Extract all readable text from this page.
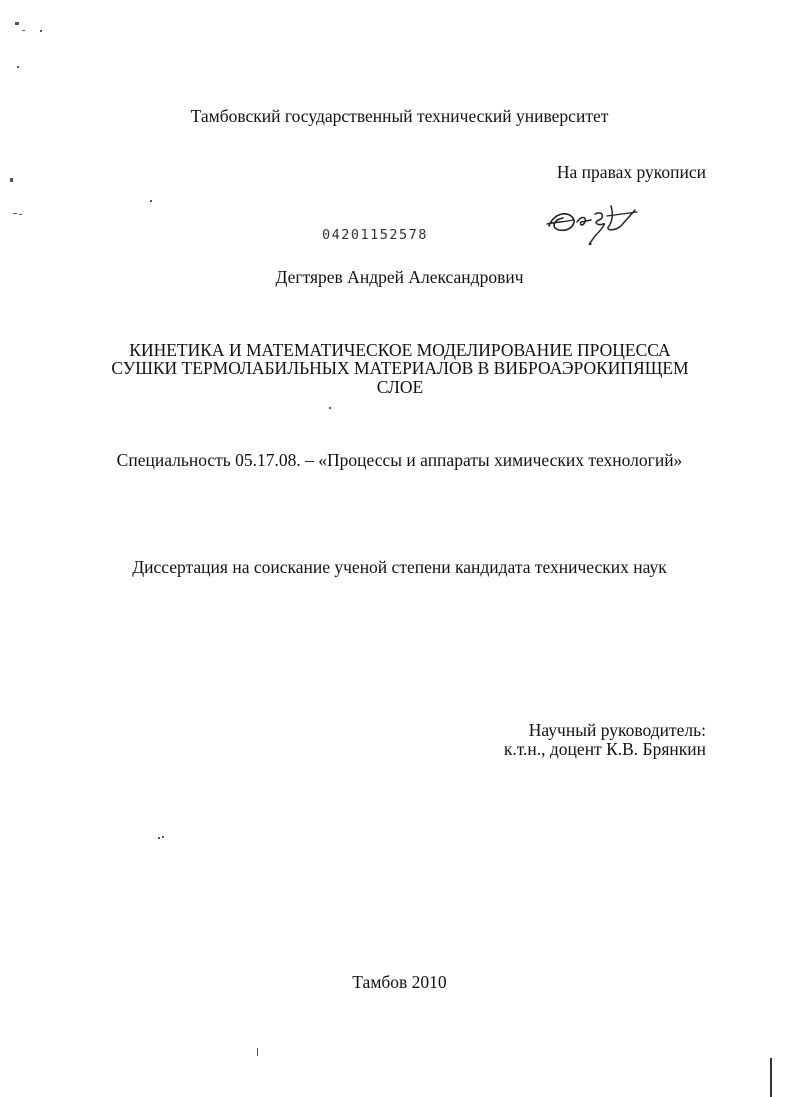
Тамбовский государственный технический университет
На правах рукописи
04201152578
Дегтярев Андрей Александрович
КИНЕТИКА И МАТЕМАТИЧЕСКОЕ МОДЕЛИРОВАНИЕ ПРОЦЕССА
СУШКИ ТЕРМОЛАБИЛЬНЫХ МАТЕРИАЛОВ В ВИБРОАЭРОКИПЯЩЕМ
СЛОЕ
Специальность 05.17.08. – «Процессы и аппараты химических технологий»
Диссертация на соискание ученой степени кандидата технических наук
Научный руководитель:
к.т.н., доцент К.В. Брянкин
Тамбов 2010
